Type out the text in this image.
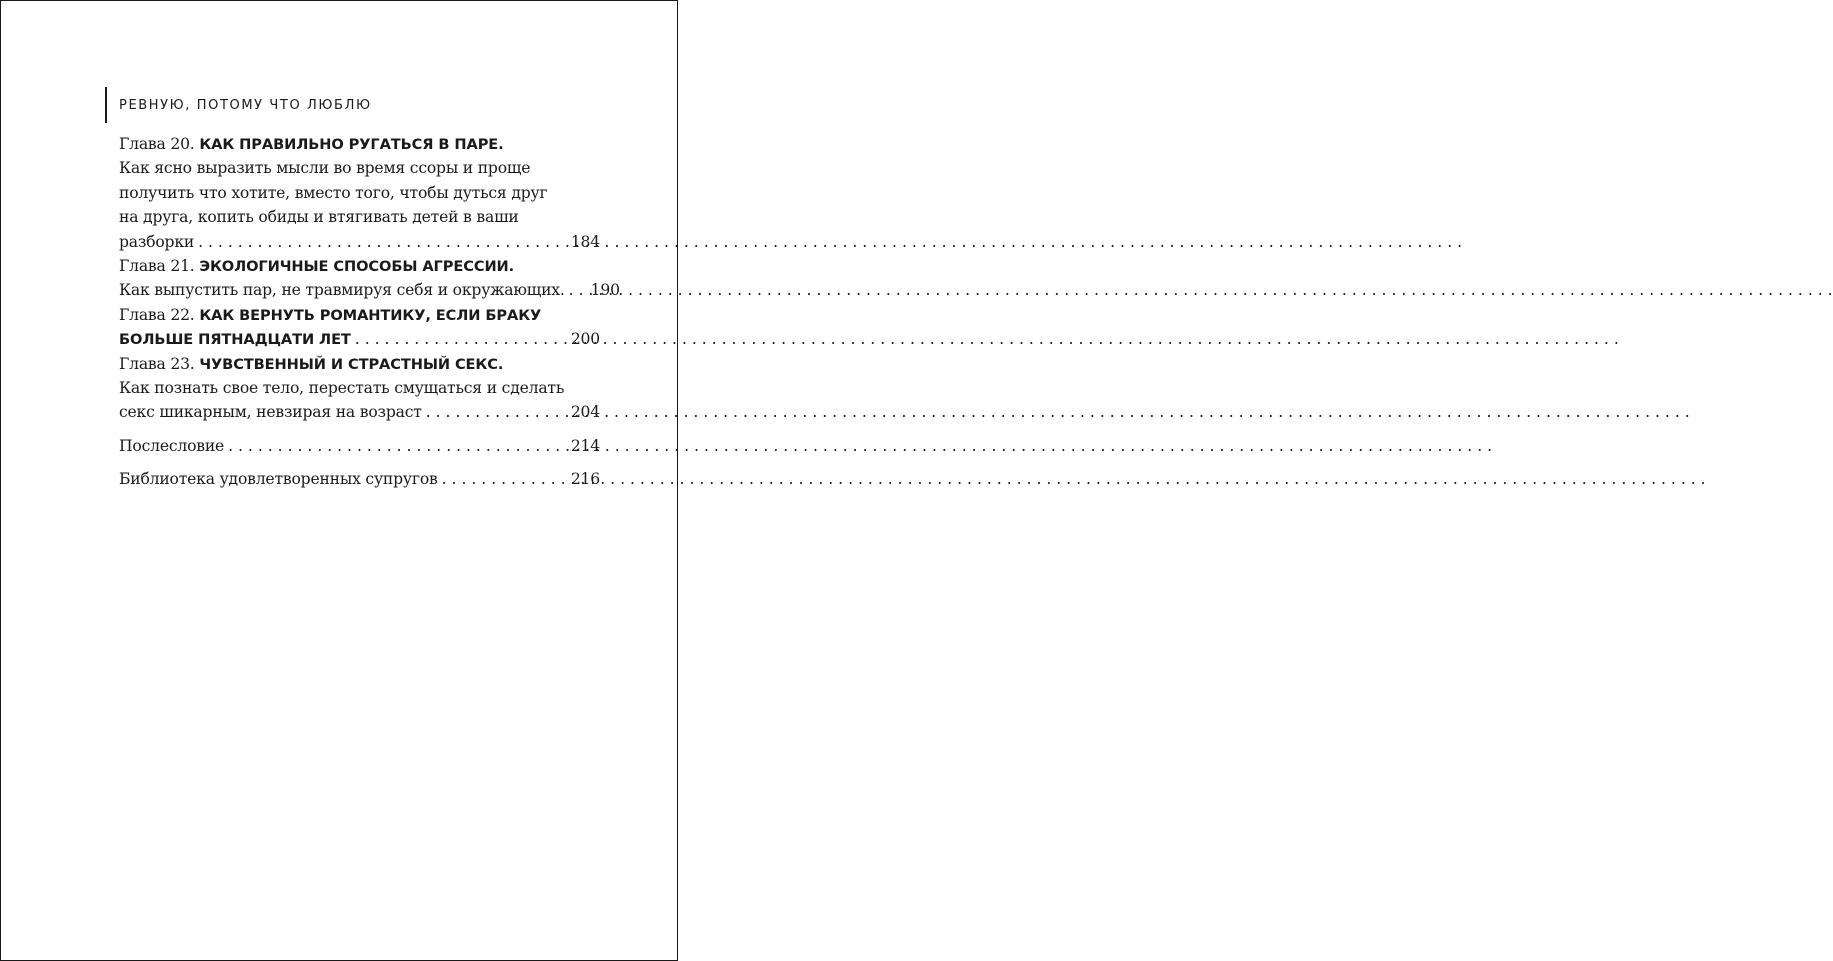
РЕВНУЮ, ПОТОМУ ЧТО ЛЮБЛЮ
Глава 20. КАК ПРАВИЛЬНО РУГАТЬСЯ В ПАРЕ.
Как ясно выразить мысли во время ссоры и проще
получить что хотите, вместо того, чтобы дуться друг
на друга, копить обиды и втягивать детей в ваши
разборки . . .	184
Глава 21. ЭКОЛОГИЧНЫЕ СПОСОБЫ АГРЕССИИ.
Как выпустить пар, не травмируя себя и окружающих. . . . 190
Глава 22. КАК ВЕРНУТЬ РОМАНТИКУ, ЕСЛИ БРАКУ
БОЛЬШЕ ПЯТНАДЦАТИ ЛЕТ . . .	200
Глава 23. ЧУВСТВЕННЫЙ И СТРАСТНЫЙ СЕКС.
Как познать свое тело, перестать смущаться и сделать
секс шикарным, невзирая на возраст . . .	204
Послесловие . . .	214
Библиотека удовлетворенных супругов . . .	216
